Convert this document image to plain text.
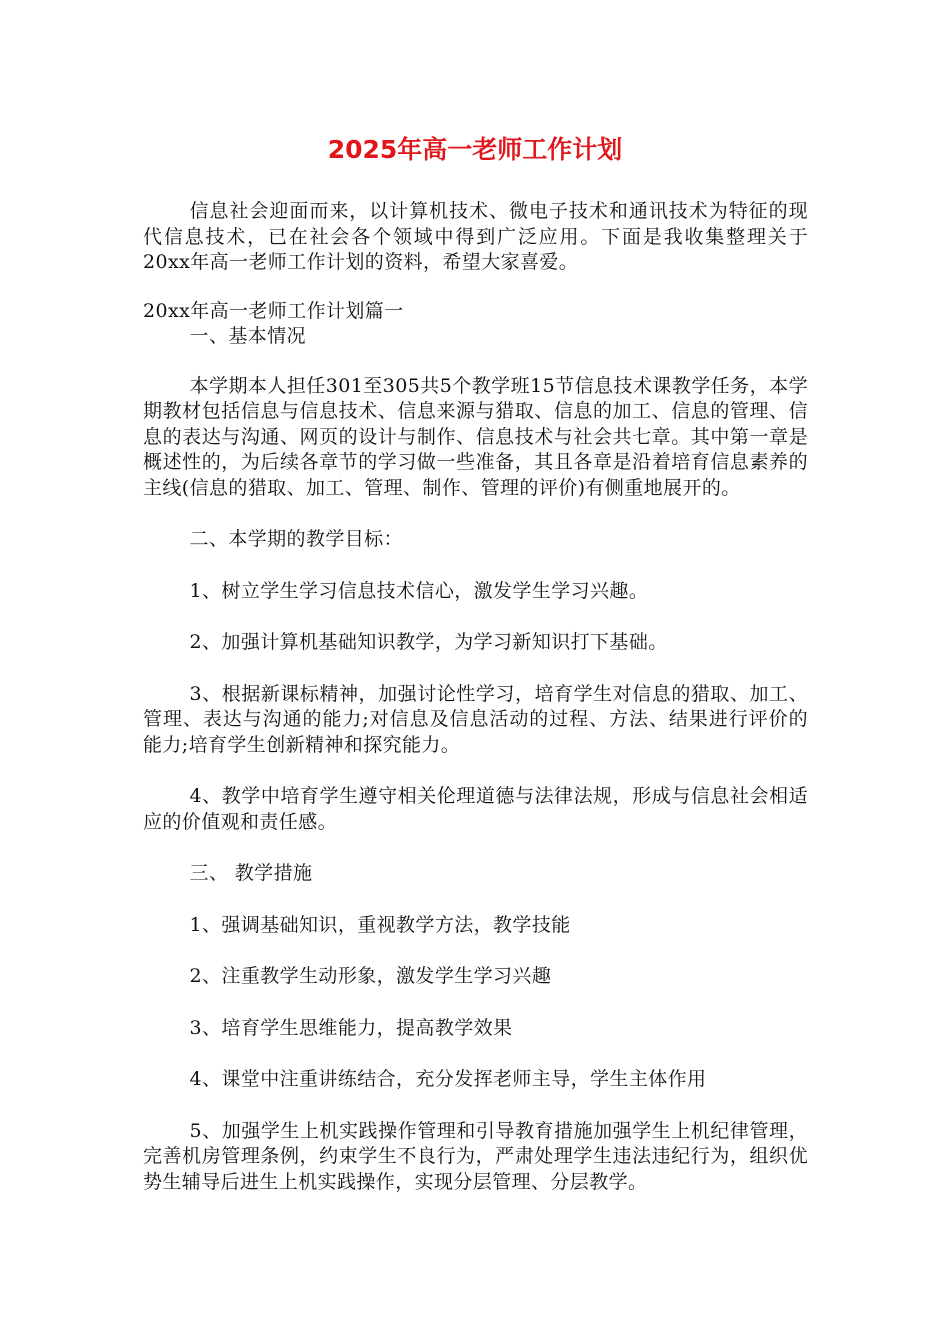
2025年高一老师工作计划

信息社会迎面而来，以计算机技术、微电子技术和通讯技术为特征的现代信息技术，已在社会各个领域中得到广泛应用。下面是我收集整理关于20xx年高一老师工作计划的资料，希望大家喜爱。

20xx年高一老师工作计划篇一

一、基本情况

本学期本人担任301至305共5个教学班15节信息技术课教学任务，本学期教材包括信息与信息技术、信息来源与猎取、信息的加工、信息的管理、信息的表达与沟通、网页的设计与制作、信息技术与社会共七章。其中第一章是概述性的，为后续各章节的学习做一些准备，其且各章是沿着培育信息素养的主线(信息的猎取、加工、管理、制作、管理的评价)有侧重地展开的。

二、本学期的教学目标：

1、树立学生学习信息技术信心，激发学生学习兴趣。

2、加强计算机基础知识教学，为学习新知识打下基础。

3、根据新课标精神，加强讨论性学习，培育学生对信息的猎取、加工、管理、表达与沟通的能力;对信息及信息活动的过程、方法、结果进行评价的能力;培育学生创新精神和探究能力。

4、教学中培育学生遵守相关伦理道德与法律法规，形成与信息社会相适应的价值观和责任感。

三、 教学措施

1、强调基础知识，重视教学方法，教学技能

2、注重教学生动形象，激发学生学习兴趣

3、培育学生思维能力，提高教学效果

4、课堂中注重讲练结合，充分发挥老师主导，学生主体作用

5、加强学生上机实践操作管理和引导教育措施加强学生上机纪律管理，完善机房管理条例，约束学生不良行为，严肃处理学生违法违纪行为，组织优势生辅导后进生上机实践操作，实现分层管理、分层教学。
